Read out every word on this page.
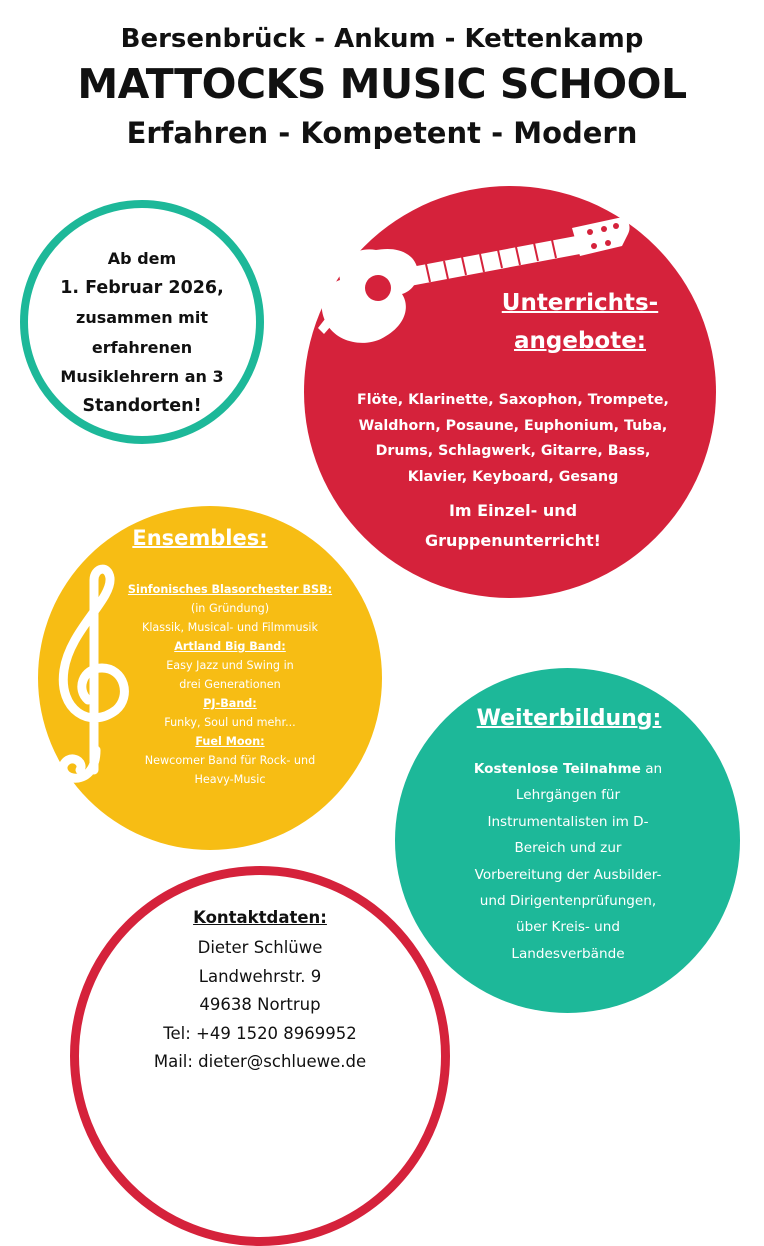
Bersenbrück - Ankum - Kettenkamp
MATTOCKS MUSIC SCHOOL
Erfahren - Kompetent - Modern
Ab dem
1. Februar 2026,
zusammen mit
erfahrenen
Musiklehrern an 3
Standorten!
Unterrichts-
angebote:
Flöte, Klarinette, Saxophon, Trompete,
Waldhorn, Posaune, Euphonium, Tuba,
Drums, Schlagwerk, Gitarre, Bass,
Klavier, Keyboard, Gesang
Im Einzel- und
Gruppenunterricht!
Ensembles:
Sinfonisches Blasorchester BSB:
(in Gründung)
Klassik, Musical- und Filmmusik
Artland Big Band:
Easy Jazz und Swing in
drei Generationen
PJ-Band:
Funky, Soul und mehr...
Fuel Moon:
Newcomer Band für Rock- und
Heavy-Music
Weiterbildung:
Kostenlose Teilnahme an
Lehrgängen für
Instrumentalisten im D-
Bereich und zur
Vorbereitung der Ausbilder-
und Dirigentenprüfungen,
über Kreis- und
Landesverbände
Kontaktdaten:
Dieter Schlüwe
Landwehrstr. 9
49638 Nortrup
Tel: +49 1520 8969952
Mail: dieter@schluewe.de
